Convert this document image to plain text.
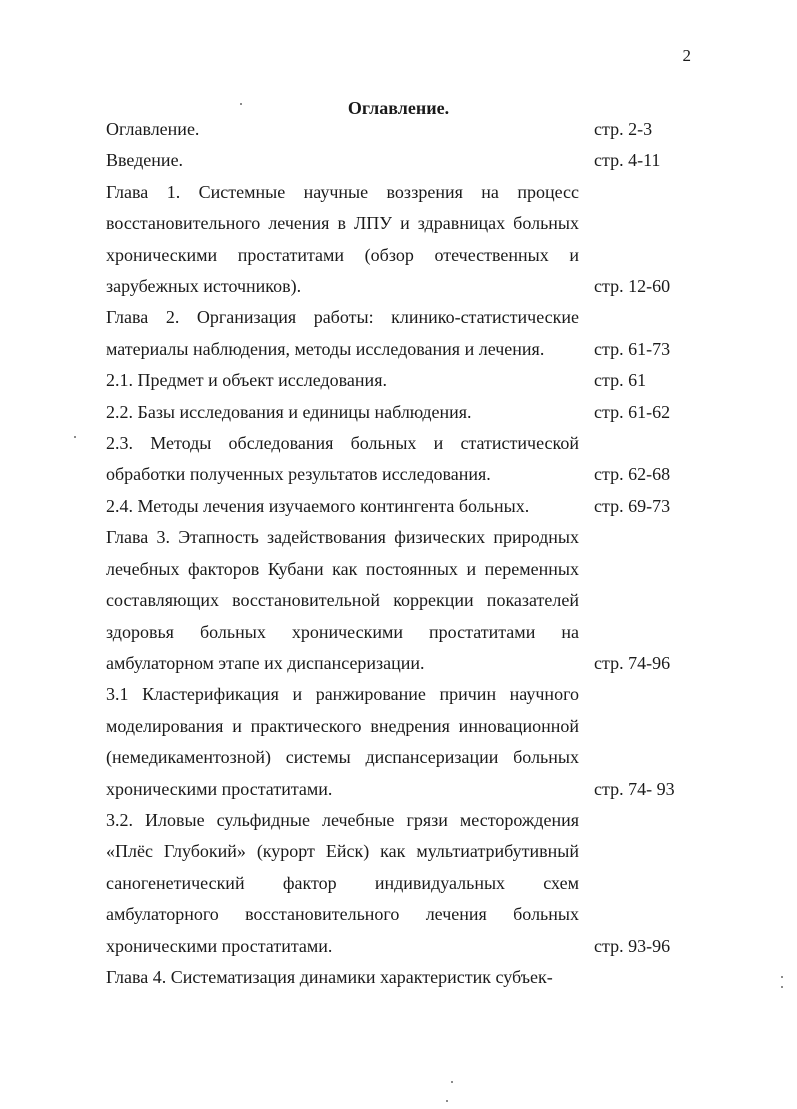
2
Оглавление.
Оглавление.	стр. 2-3
Введение.	стр. 4-11
Глава 1. Системные научные воззрения на процесс восстановительного лечения в ЛПУ и здравницах больных хроническими простатитами (обзор отечественных и зарубежных источников).	стр. 12-60
Глава 2. Организация работы: клинико-статистические материалы наблюдения, методы исследования и лечения.	стр. 61-73
2.1. Предмет и объект исследования.	стр. 61
2.2. Базы исследования и единицы наблюдения.	стр. 61-62
2.3. Методы обследования больных и статистической обработки полученных результатов исследования.	стр. 62-68
2.4. Методы лечения изучаемого контингента больных.	стр. 69-73
Глава 3. Этапность задействования физических природных лечебных факторов Кубани как постоянных и переменных составляющих восстановительной коррекции показателей здоровья больных хроническими простатитами на амбулаторном этапе их диспансеризации.	стр. 74-96
3.1 Кластерификация и ранжирование причин научного моделирования и практического внедрения инновационной (немедикаментозной) системы диспансеризации больных хроническими простатитами.	стр. 74- 93
3.2. Иловые сульфидные лечебные грязи месторождения «Плёс Глубокий» (курорт Ейск) как мультиатрибутивный саногенетический фактор индивидуальных схем амбулаторного восстановительного лечения больных хроническими простатитами.	стр. 93-96
Глава 4. Систематизация динамики характеристик субъек-
